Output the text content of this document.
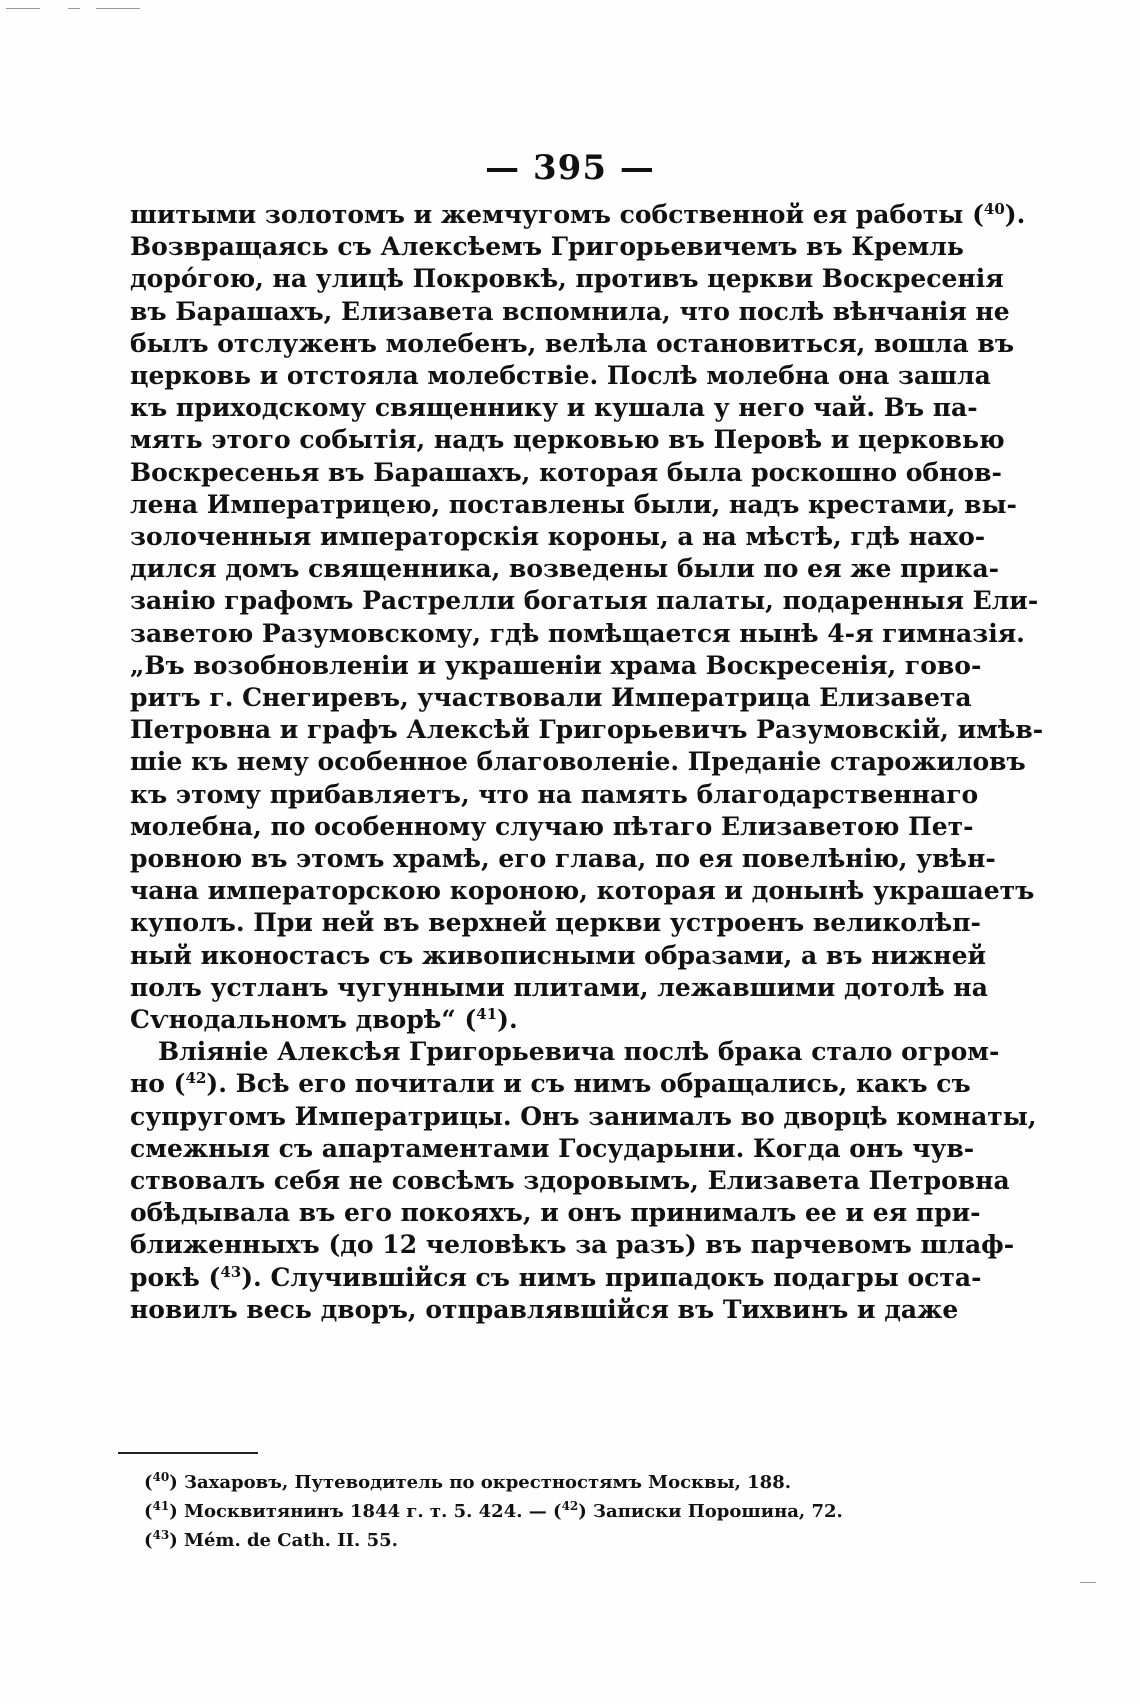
— 395 —
шитыми золотомъ и жемчугомъ собственной ея работы ($^{40}$).
Возвращаясь съ Алексѣемъ Григорьевичемъ въ Кремль
дорóгою, на улицѣ Покровкѣ, противъ церкви Воскресенія
въ Барашахъ, Елизавета вспомнила, что послѣ вѣнчанія не
былъ отслуженъ молебенъ, велѣла остановиться, вошла въ
церковь и отстояла молебствіе. Послѣ молебна она зашла
къ приходскому священнику и кушала у него чай. Въ па-
мять этого событія, надъ церковью въ Перовѣ и церковью
Воскресенья въ Барашахъ, которая была роскошно обнов-
лена Императрицею, поставлены были, надъ крестами, вы-
золоченныя императорскія короны, а на мѣстѣ, гдѣ нахо-
дился домъ священника, возведены были по ея же прика-
занію графомъ Растрелли богатыя палаты, подаренныя Ели-
заветою Разумовскому, гдѣ помѣщается нынѣ 4-я гимназія.
„Въ возобновленіи и украшеніи храма Воскресенія, гово-
ритъ г. Снегиревъ, участвовали Императрица Елизавета
Петровна и графъ Алексѣй Григорьевичъ Разумовскій, имѣв-
шіе къ нему особенное благоволеніе. Преданіе старожиловъ
къ этому прибавляетъ, что на память благодарственнаго
молебна, по особенному случаю пѣтаго Елизаветою Пет-
ровною въ этомъ храмѣ, его глава, по ея повелѣнію, увѣн-
чана императорскою короною, которая и донынѣ украшаетъ
куполъ. При ней въ верхней церкви устроенъ великолѣп-
ный иконостасъ съ живописными образами, а въ нижней
полъ устланъ чугунными плитами, лежавшими дотолѣ на
Сѵнодальномъ дворѣ“ ($^{41}$).
Вліяніе Алексѣя Григорьевича послѣ брака стало огром-
но ($^{42}$). Всѣ его почитали и съ нимъ обращались, какъ съ
супругомъ Императрицы. Онъ занималъ во дворцѣ комнаты,
смежныя съ апартаментами Государыни. Когда онъ чув-
ствовалъ себя не совсѣмъ здоровымъ, Елизавета Петровна
обѣдывала въ его покояхъ, и онъ принималъ ее и ея при-
ближенныхъ (до 12 человѣкъ за разъ) въ парчевомъ шлаф-
рокѣ ($^{43}$). Случившійся съ нимъ припадокъ подагры оста-
новилъ весь дворъ, отправлявшійся въ Тихвинъ и даже
($^{40}$) Захаровъ, Путеводитель по окрестностямъ Москвы, 188.
($^{41}$) Москвитянинъ 1844 г. т. 5. 424. — ($^{42}$) Записки Порошина, 72.
($^{43}$) Mém. de Cath. II. 55.
